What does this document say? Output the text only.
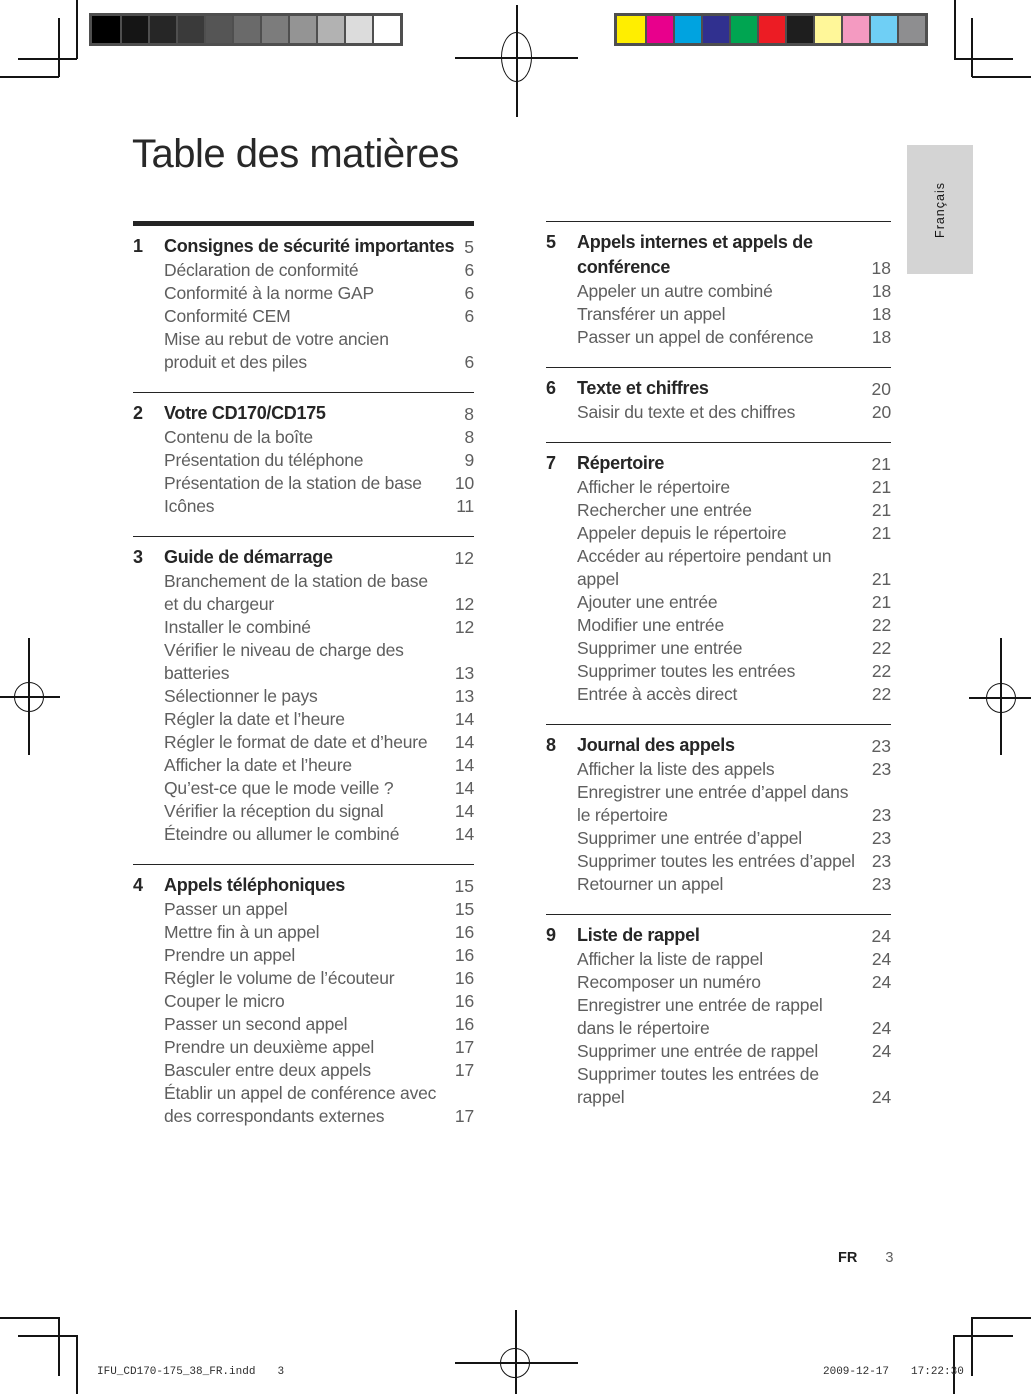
Table des matières
Français
1	Consignes de sécurité importantes 5
Déclaration de conformité	6
Conformité à la norme GAP	6
Conformité CEM	6
Mise au rebut de votre ancien
produit et des piles	6
2	Votre CD170/CD175	8
Contenu de la boîte	8
Présentation du téléphone	9
Présentation de la station de base	10
Icônes	11
3	Guide de démarrage	12
Branchement de la station de base
et du chargeur	12
Installer le combiné	12
Vérifier le niveau de charge des
batteries	13
Sélectionner le pays	13
Régler la date et l’heure	14
Régler le format de date et d’heure	14
Afficher la date et l’heure	14
Qu’est-ce que le mode veille ?	14
Vérifier la réception du signal	14
Éteindre ou allumer le combiné	14
4	Appels téléphoniques	15
Passer un appel	15
Mettre fin à un appel	16
Prendre un appel	16
Régler le volume de l’écouteur	16
Couper le micro	16
Passer un second appel	16
Prendre un deuxième appel	17
Basculer entre deux appels	17
Établir un appel de conférence avec
des correspondants externes	17
5	Appels internes et appels de
conférence	18
Appeler un autre combiné	18
Transférer un appel	18
Passer un appel de conférence	18
6	Texte et chiffres	20
Saisir du texte et des chiffres	20
7	Répertoire	21
Afficher le répertoire	21
Rechercher une entrée	21
Appeler depuis le répertoire	21
Accéder au répertoire pendant un
appel	21
Ajouter une entrée	21
Modifier une entrée	22
Supprimer une entrée	22
Supprimer toutes les entrées	22
Entrée à accès direct	22
8	Journal des appels	23
Afficher la liste des appels	23
Enregistrer une entrée d’appel dans
le répertoire	23
Supprimer une entrée d’appel	23
Supprimer toutes les entrées d’appel 23
Retourner un appel	23
9	Liste de rappel	24
Afficher la liste de rappel	24
Recomposer un numéro	24
Enregistrer une entrée de rappel
dans le répertoire	24
Supprimer une entrée de rappel	24
Supprimer toutes les entrées de
rappel	24
FR 3
IFU_CD170-175_38_FR.indd 3	2009-12-17 17:22:30
